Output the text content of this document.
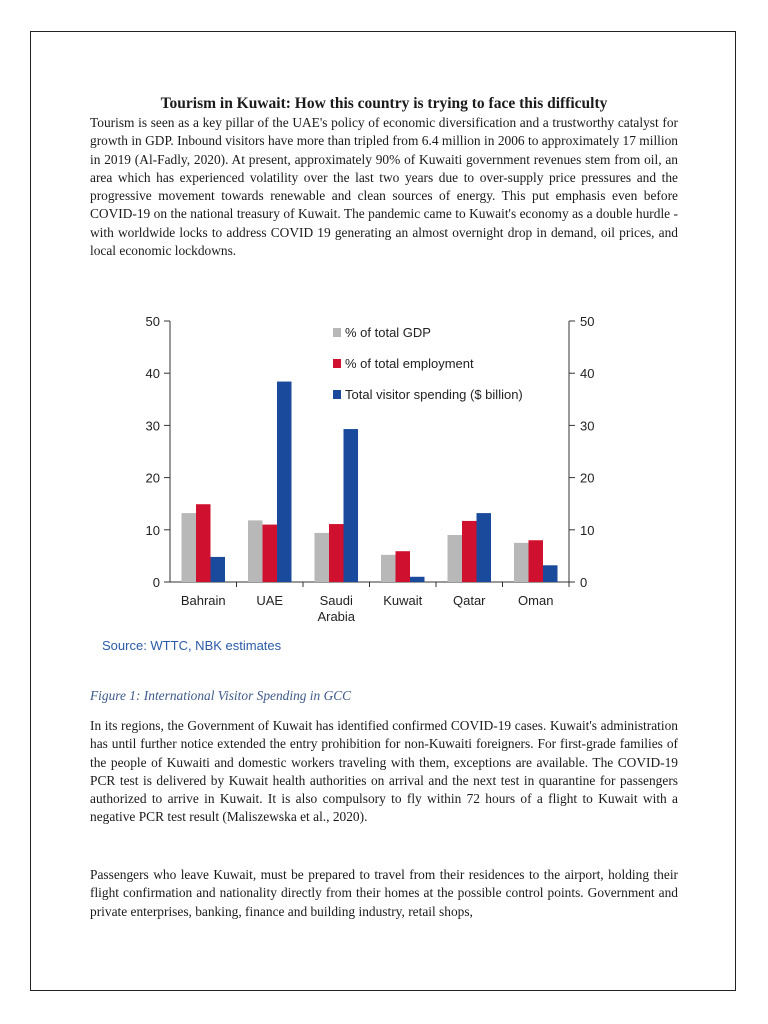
Tourism in Kuwait: How this country is trying to face this difficulty

Tourism is seen as a key pillar of the UAE's policy of economic diversification and a trustworthy catalyst for growth in GDP. Inbound visitors have more than tripled from 6.4 million in 2006 to approximately 17 million in 2019 (Al-Fadly, 2020). At present, approximately 90% of Kuwaiti government revenues stem from oil, an area which has experienced volatility over the last two years due to over-supply price pressures and the progressive movement towards renewable and clean sources of energy. This put emphasis even before COVID-19 on the national treasury of Kuwait. The pandemic came to Kuwait's economy as a double hurdle - with worldwide locks to address COVID 19 generating an almost overnight drop in demand, oil prices, and local economic lockdowns.

% of total GDP
% of total employment
Total visitor spending ($ billion)
0	0
10	10
20	20
30	30
40	40
50	50
Bahrain UAE	Saudi
Arabia
Kuwait Qatar	Oman
Source: WTTC, NBK estimates

Figure 1: International Visitor Spending in GCC

In its regions, the Government of Kuwait has identified confirmed COVID-19 cases. Kuwait's administration has until further notice extended the entry prohibition for non-Kuwaiti foreigners. For first-grade families of the people of Kuwaiti and domestic workers traveling with them, exceptions are available. The COVID-19 PCR test is delivered by Kuwait health authorities on arrival and the next test in quarantine for passengers authorized to arrive in Kuwait. It is also compulsory to fly within 72 hours of a flight to Kuwait with a negative PCR test result (Maliszewska et al., 2020).

Passengers who leave Kuwait, must be prepared to travel from their residences to the airport, holding their flight confirmation and nationality directly from their homes at the possible control points. Government and private enterprises, banking, finance and building industry, retail shops,
